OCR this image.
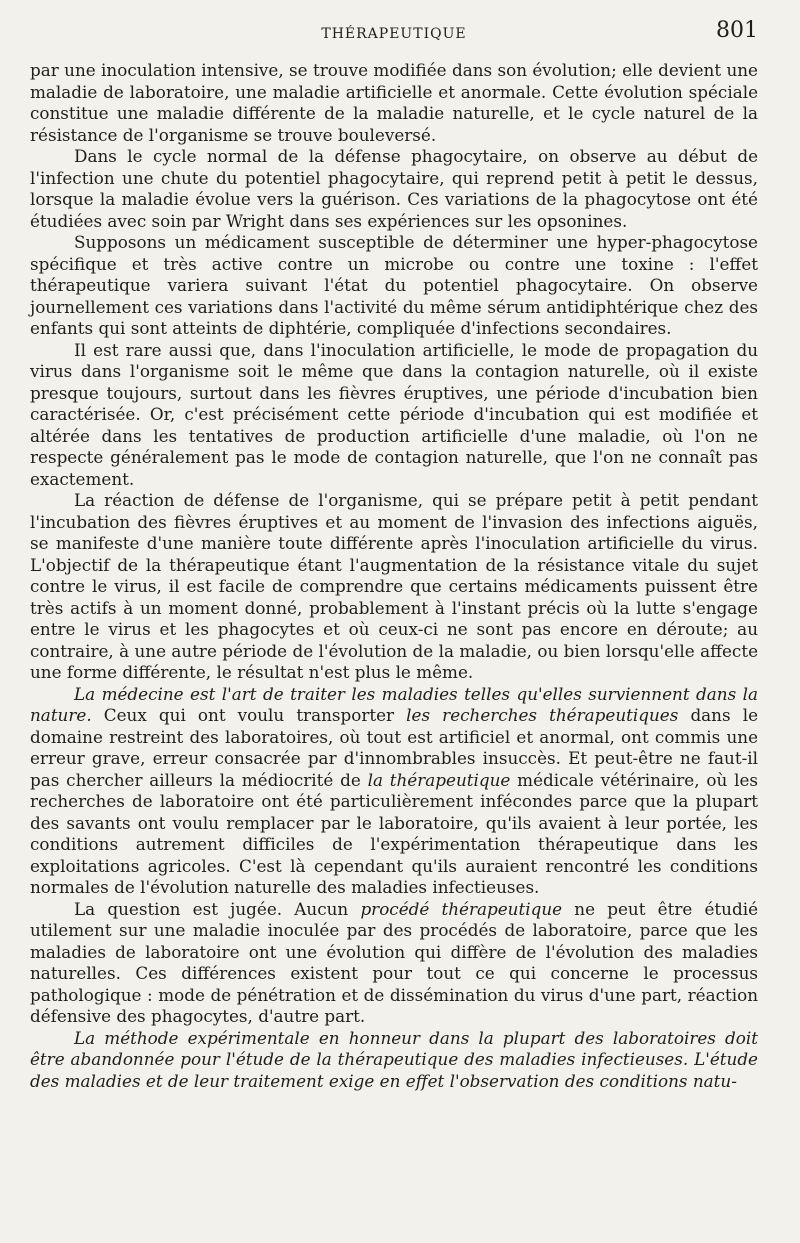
THÉRAPEUTIQUE	801

par une inoculation intensive, se trouve modifiée dans son évolution; elle devient une maladie de laboratoire, une maladie artificielle et anormale. Cette évolution spéciale constitue une maladie différente de la maladie naturelle, et le cycle naturel de la résistance de l'organisme se trouve bouleversé.

Dans le cycle normal de la défense phagocytaire, on observe au début de l'infection une chute du potentiel phagocytaire, qui reprend petit à petit le dessus, lorsque la maladie évolue vers la guérison. Ces variations de la phagocytose ont été étudiées avec soin par Wright dans ses expériences sur les opsonines.

Supposons un médicament susceptible de déterminer une hyper-phagocytose spécifique et très active contre un microbe ou contre une toxine : l'effet thérapeutique variera suivant l'état du potentiel phagocytaire. On observe journellement ces variations dans l'activité du même sérum antidiphtérique chez des enfants qui sont atteints de diphtérie, compliquée d'infections secondaires.

Il est rare aussi que, dans l'inoculation artificielle, le mode de propagation du virus dans l'organisme soit le même que dans la contagion naturelle, où il existe presque toujours, surtout dans les fièvres éruptives, une période d'incubation bien caractérisée. Or, c'est précisément cette période d'incubation qui est modifiée et altérée dans les tentatives de production artificielle d'une maladie, où l'on ne respecte généralement pas le mode de contagion naturelle, que l'on ne connaît pas exactement.

La réaction de défense de l'organisme, qui se prépare petit à petit pendant l'incubation des fièvres éruptives et au moment de l'invasion des infections aiguës, se manifeste d'une manière toute différente après l'inoculation artificielle du virus. L'objectif de la thérapeutique étant l'augmentation de la résistance vitale du sujet contre le virus, il est facile de comprendre que certains médicaments puissent être très actifs à un moment donné, probablement à l'instant précis où la lutte s'engage entre le virus et les phagocytes et où ceux-ci ne sont pas encore en déroute; au contraire, à une autre période de l'évolution de la maladie, ou bien lorsqu'elle affecte une forme différente, le résultat n'est plus le même.

La médecine est l'art de traiter les maladies telles qu'elles surviennent dans la nature. Ceux qui ont voulu transporter les recherches thérapeutiques dans le domaine restreint des laboratoires, où tout est artificiel et anormal, ont commis une erreur grave, erreur consacrée par d'innombrables insuccès. Et peut-être ne faut-il pas chercher ailleurs la médiocrité de la thérapeutique médicale vétérinaire, où les recherches de laboratoire ont été particulièrement infécondes parce que la plupart des savants ont voulu remplacer par le laboratoire, qu'ils avaient à leur portée, les conditions autrement difficiles de l'expérimentation thérapeutique dans les exploitations agricoles. C'est là cependant qu'ils auraient rencontré les conditions normales de l'évolution naturelle des maladies infectieuses.

La question est jugée. Aucun procédé thérapeutique ne peut être étudié utilement sur une maladie inoculée par des procédés de laboratoire, parce que les maladies de laboratoire ont une évolution qui diffère de l'évolution des maladies naturelles. Ces différences existent pour tout ce qui concerne le processus pathologique : mode de pénétration et de dissémination du virus d'une part, réaction défensive des phagocytes, d'autre part.

La méthode expérimentale en honneur dans la plupart des laboratoires doit être abandonnée pour l'étude de la thérapeutique des maladies infectieuses. L'étude des maladies et de leur traitement exige en effet l'observation des conditions natu-
